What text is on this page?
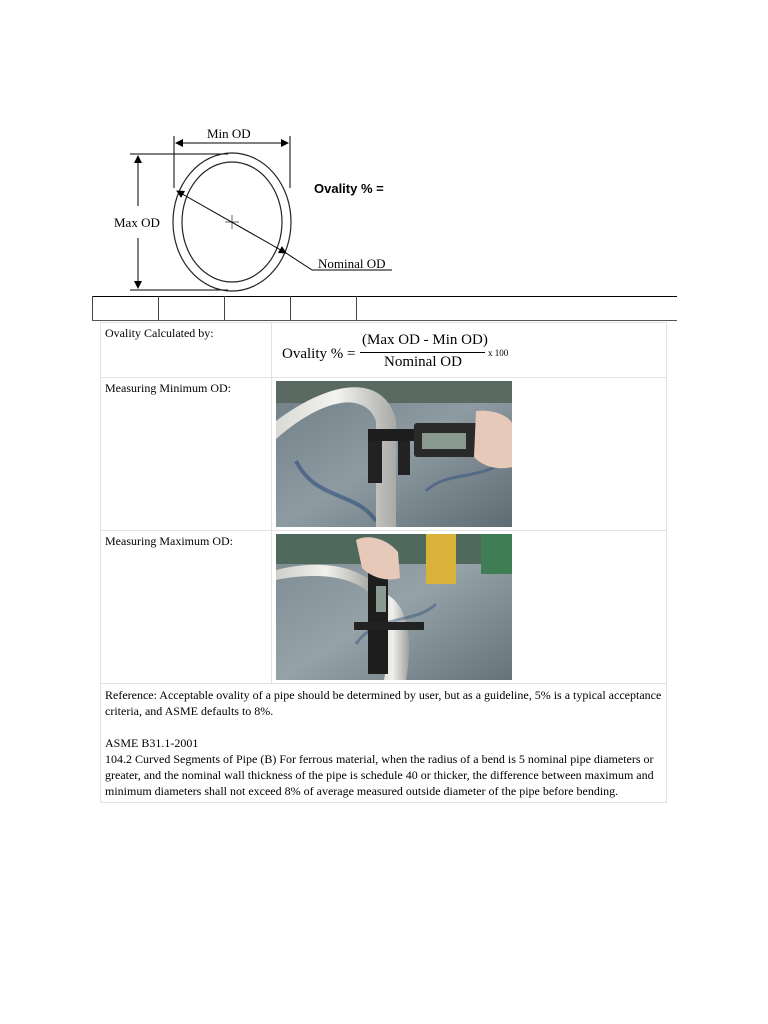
Min OD
Max OD
Nominal OD
Ovality % =
Ovality Calculated by:	Ovality % =
(Max OD - Min OD)
Nominal OD
x 100

Measuring Minimum OD:	

Measuring Maximum OD:	

Reference: Acceptable ovality of a pipe should be determined by user, but as a guideline, 5% is a typical acceptance criteria, and ASME defaults to 8%.

ASME B31.1-2001

104.2 Curved Segments of Pipe (B) For ferrous material, when the radius of a bend is 5 nominal pipe diameters or greater, and the nominal wall thickness of the pipe is schedule 40 or thicker, the difference between maximum and minimum diameters shall not exceed 8% of average measured outside diameter of the pipe before bending.	
